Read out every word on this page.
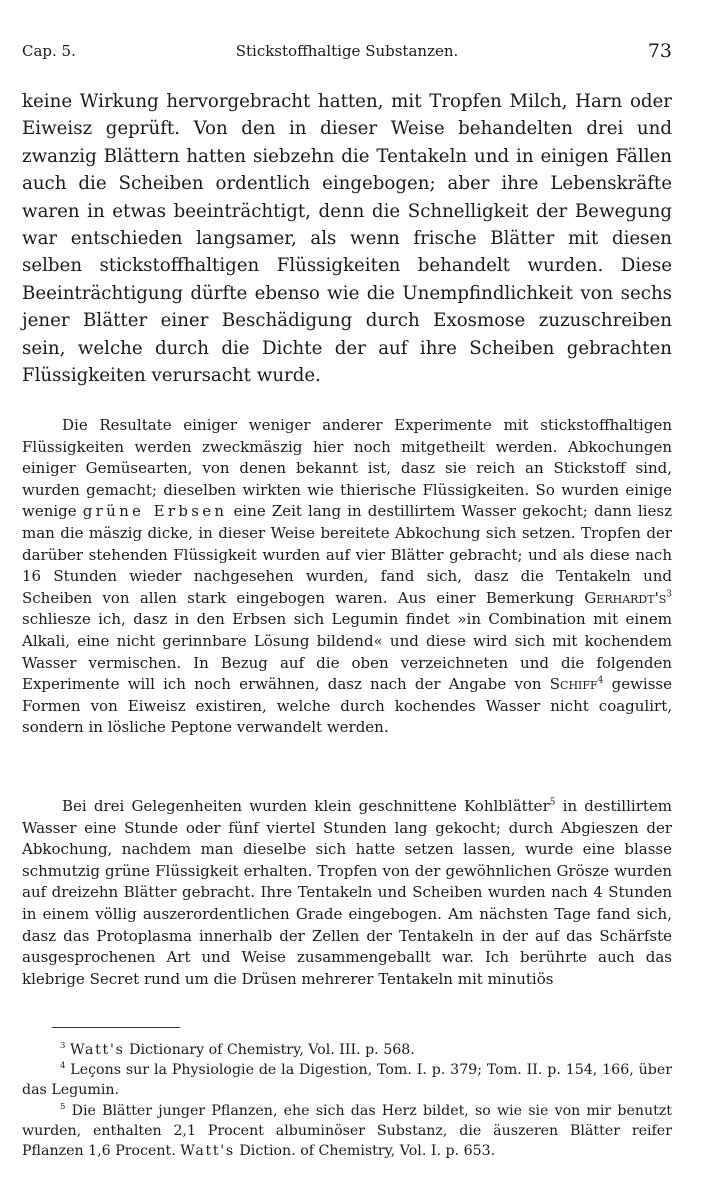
Cap. 5.	Stickstoffhaltige Substanzen.	73

keine Wirkung hervorgebracht hatten, mit Tropfen Milch, Harn oder Eiweisz geprüft. Von den in dieser Weise behandelten drei und zwanzig Blättern hatten siebzehn die Tentakeln und in einigen Fällen auch die Scheiben ordentlich eingebogen; aber ihre Lebenskräfte waren in etwas beeinträchtigt, denn die Schnelligkeit der Bewegung war entschieden langsamer, als wenn frische Blätter mit diesen selben stickstoffhaltigen Flüssigkeiten behandelt wurden. Diese Beeinträchtigung dürfte ebenso wie die Unempfindlichkeit von sechs jener Blätter einer Beschädigung durch Exosmose zuzuschreiben sein, welche durch die Dichte der auf ihre Scheiben gebrachten Flüssigkeiten verursacht wurde.

Die Resultate einiger weniger anderer Experimente mit stickstoffhaltigen Flüssigkeiten werden zweckmäszig hier noch mitgetheilt werden. Abkochungen einiger Gemüsearten, von denen bekannt ist, dasz sie reich an Stickstoff sind, wurden gemacht; dieselben wirkten wie thierische Flüssigkeiten. So wurden einige wenige grüne Erbsen eine Zeit lang in destillirtem Wasser gekocht; dann liesz man die mäszig dicke, in dieser Weise bereitete Abkochung sich setzen. Tropfen der darüber stehenden Flüssigkeit wurden auf vier Blätter gebracht; und als diese nach 16 Stunden wieder nachgesehen wurden, fand sich, dasz die Tentakeln und Scheiben von allen stark eingebogen waren. Aus einer Bemerkung $Gerhardt's^3$ schliesze ich, dasz in den Erbsen sich Legumin findet »in Combination mit einem Alkali, eine nicht gerinnbare Lösung bildend« und diese wird sich mit kochendem Wasser vermischen. In Bezug auf die oben verzeichneten und die folgenden Experimente will ich noch erwähnen, dasz nach der Angabe von Schiff$^4$ gewisse Formen von Eiweisz existiren, welche durch kochendes Wasser nicht coagulirt, sondern in lösliche Peptone verwandelt werden.

Bei drei Gelegenheiten wurden klein geschnittene Kohlblätter$^5$ in destillirtem Wasser eine Stunde oder fünf viertel Stunden lang gekocht; durch Abgieszen der Abkochung, nachdem man dieselbe sich hatte setzen lassen, wurde eine blasse schmutzig grüne Flüssigkeit erhalten. Tropfen von der gewöhnlichen Grösze wurden auf dreizehn Blätter gebracht. Ihre Tentakeln und Scheiben wurden nach 4 Stunden in einem völlig auszerordentlichen Grade eingebogen. Am nächsten Tage fand sich, dasz das Protoplasma innerhalb der Zellen der Tentakeln in der auf das Schärfste ausgesprochenen Art und Weise zusammengeballt war. Ich berührte auch das klebrige Secret rund um die Drüsen mehrerer Tentakeln mit minutiös

$^3$ Watt's Dictionary of Chemistry, Vol. III. p. 568.

$^4$ Leçons sur la Physiologie de la Digestion, Tom. I. p. 379; Tom. II. p. 154, 166, über das Legumin.

$^5$ Die Blätter junger Pflanzen, ehe sich das Herz bildet, so wie sie von mir benutzt wurden, enthalten 2,1 Procent albuminöser Substanz, die äuszeren Blätter reifer Pflanzen 1,6 Procent. Watt's Diction. of Chemistry, Vol. I. p. 653.
